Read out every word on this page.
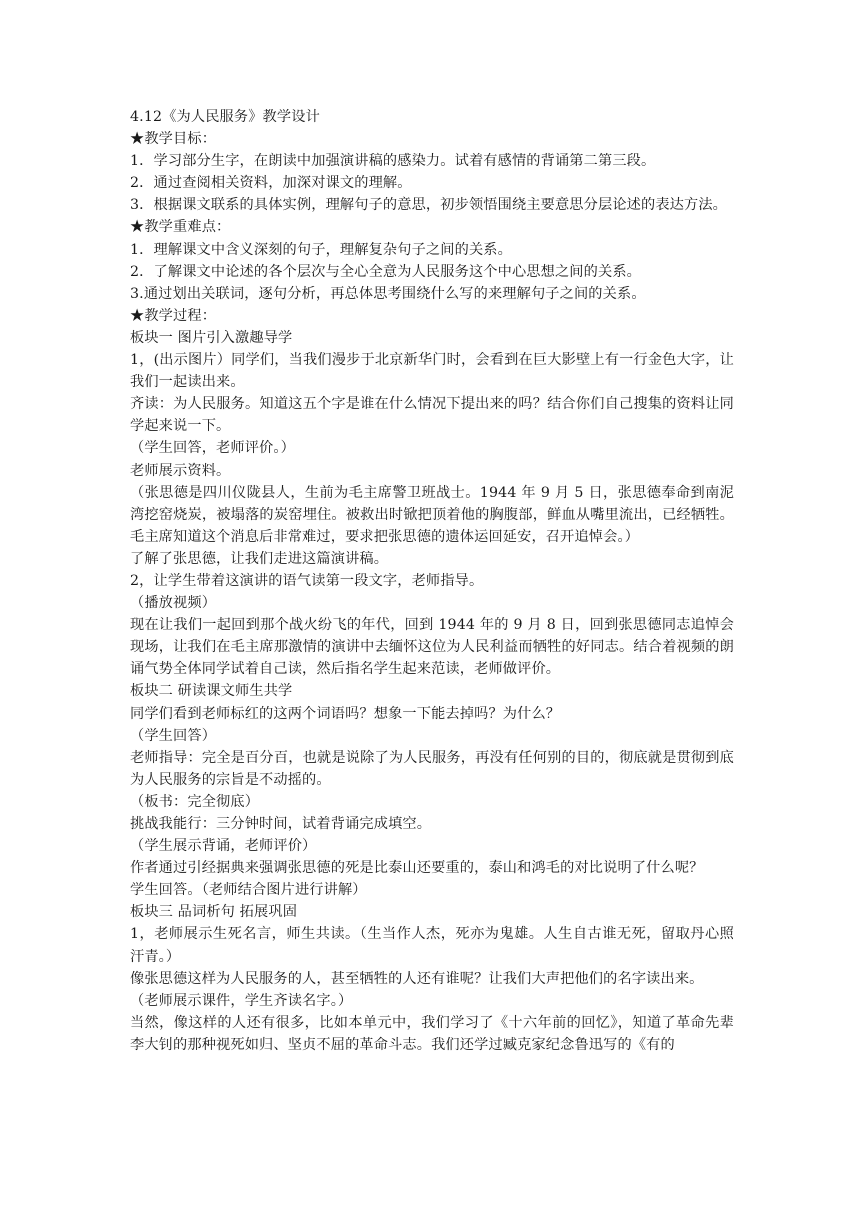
4.12《为人民服务》教学设计

★教学目标：

1．学习部分生字，在朗读中加强演讲稿的感染力。试着有感情的背诵第二第三段。

2．通过查阅相关资料，加深对课文的理解。

3．根据课文联系的具体实例，理解句子的意思，初步领悟围绕主要意思分层论述的表达方法。

★教学重难点：

1．理解课文中含义深刻的句子，理解复杂句子之间的关系。

2．了解课文中论述的各个层次与全心全意为人民服务这个中心思想之间的关系。

3.通过划出关联词，逐句分析，再总体思考围绕什么写的来理解句子之间的关系。

★教学过程：

板块一 图片引入激趣导学

1，(出示图片）同学们，当我们漫步于北京新华门时，会看到在巨大影壁上有一行金色大字，让我们一起读出来。

齐读：为人民服务。知道这五个字是谁在什么情况下提出来的吗？结合你们自己搜集的资料让同学起来说一下。

（学生回答，老师评价。）

老师展示资料。

（张思德是四川仪陇县人，生前为毛主席警卫班战士。1944 年 9 月 5 日，张思德奉命到南泥湾挖窑烧炭，被塌落的炭窑埋住。被救出时锨把顶着他的胸腹部，鲜血从嘴里流出，已经牺牲。毛主席知道这个消息后非常难过，要求把张思德的遗体运回延安，召开追悼会。）

了解了张思德，让我们走进这篇演讲稿。

2，让学生带着这演讲的语气读第一段文字，老师指导。

（播放视频）

现在让我们一起回到那个战火纷飞的年代，回到 1944 年的 9 月 8 日，回到张思德同志追悼会现场，让我们在毛主席那激情的演讲中去缅怀这位为人民利益而牺牲的好同志。结合着视频的朗诵气势全体同学试着自己读，然后指名学生起来范读，老师做评价。

板块二 研读课文师生共学

同学们看到老师标红的这两个词语吗？想象一下能去掉吗？为什么？

（学生回答）

老师指导：完全是百分百，也就是说除了为人民服务，再没有任何别的目的，彻底就是贯彻到底为人民服务的宗旨是不动摇的。

（板书：完全彻底）

挑战我能行：三分钟时间，试着背诵完成填空。

（学生展示背诵，老师评价）

作者通过引经据典来强调张思德的死是比泰山还要重的，泰山和鸿毛的对比说明了什么呢？

学生回答。（老师结合图片进行讲解）

板块三 品词析句 拓展巩固

1，老师展示生死名言，师生共读。（生当作人杰，死亦为鬼雄。人生自古谁无死，留取丹心照汗青。）

像张思德这样为人民服务的人，甚至牺牲的人还有谁呢？让我们大声把他们的名字读出来。

（老师展示课件，学生齐读名字。）

当然，像这样的人还有很多，比如本单元中，我们学习了《十六年前的回忆》，知道了革命先辈李大钊的那种视死如归、坚贞不屈的革命斗志。我们还学过臧克家纪念鲁迅写的《有的
